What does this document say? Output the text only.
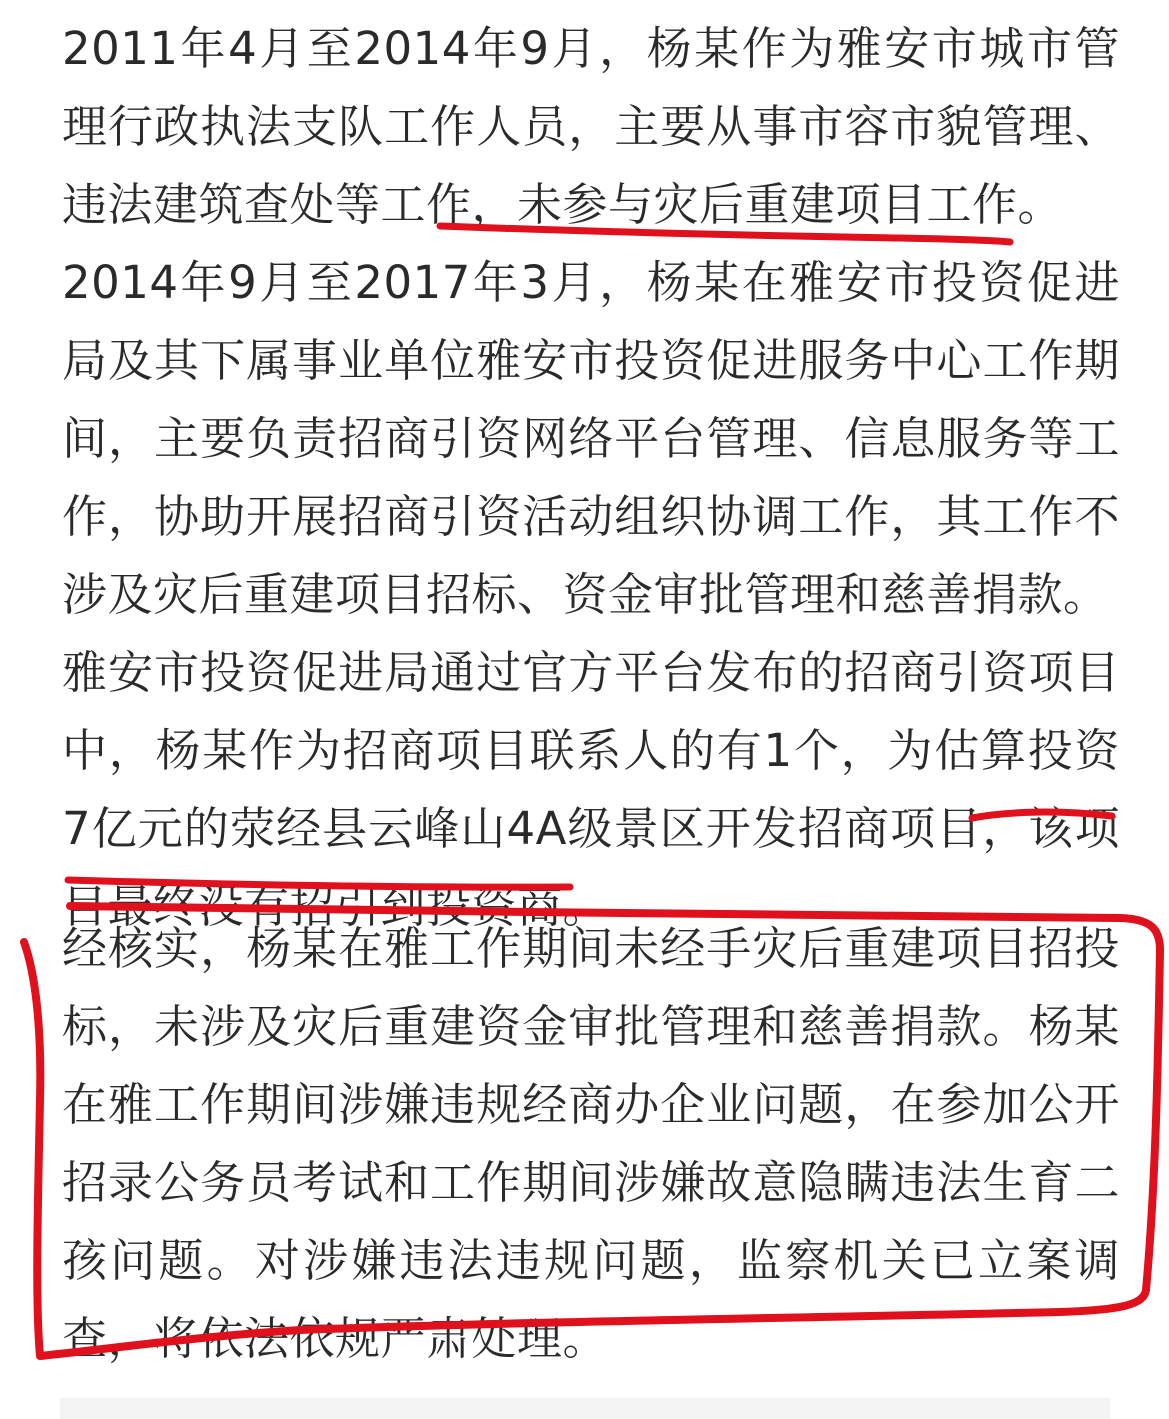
2011年4月至2014年9月，杨某作为雅安市城市管理行政执法支队工作人员，主要从事市容市貌管理、违法建筑查处等工作，未参与灾后重建项目工作。

2014年9月至2017年3月，杨某在雅安市投资促进局及其下属事业单位雅安市投资促进服务中心工作期间，主要负责招商引资网络平台管理、信息服务等工作，协助开展招商引资活动组织协调工作，其工作不涉及灾后重建项目招标、资金审批管理和慈善捐款。

雅安市投资促进局通过官方平台发布的招商引资项目中，杨某作为招商项目联系人的有1个，为估算投资7亿元的荥经县云峰山4A级景区开发招商项目，该项目最终没有招引到投资商。

经核实，杨某在雅工作期间未经手灾后重建项目招投标，未涉及灾后重建资金审批管理和慈善捐款。杨某在雅工作期间涉嫌违规经商办企业问题，在参加公开招录公务员考试和工作期间涉嫌故意隐瞒违法生育二孩问题。对涉嫌违法违规问题，监察机关已立案调查，将依法依规严肃处理。
